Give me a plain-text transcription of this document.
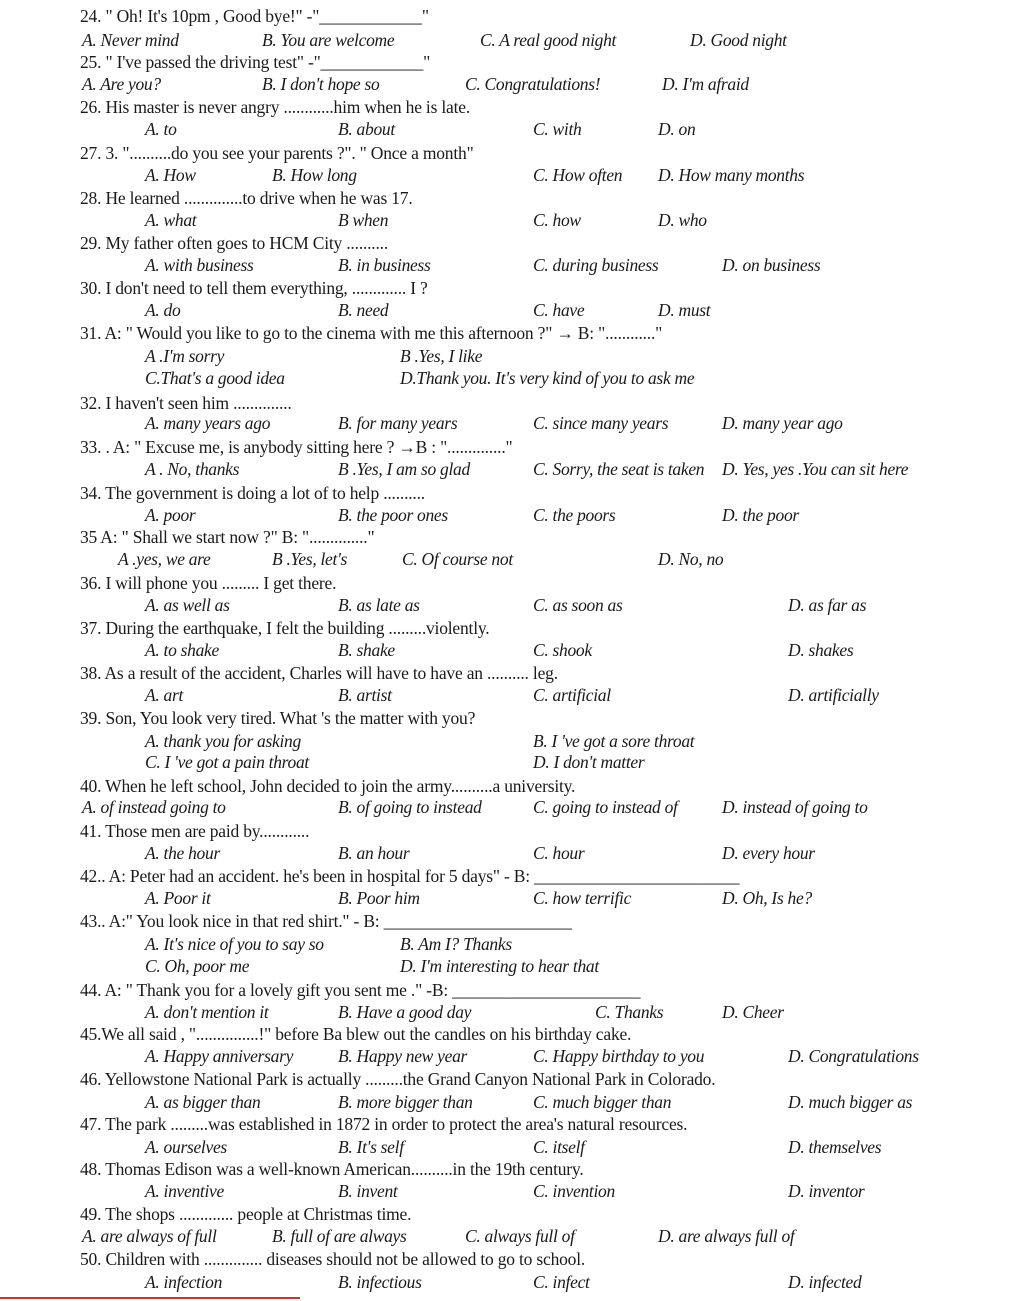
24. " Oh! It's 10pm , Good bye!" -"____________"
A. Never mind	B. You are welcome	C. A real good night	D. Good night
25. " I've passed the driving test" -"____________"
A. Are you?	B. I don't hope so	C. Congratulations!	D. I'm afraid
26. His master is never angry ............him when he is late.
A. to	B. about	C. with	D. on
27. 3. "..........do you see your parents ?". " Once a month"
A. How	B. How long	C. How often D. How many months
28. He learned ..............to drive when he was 17.
A. what	B when	C. how	D. who
29. My father often goes to HCM City ..........
A. with business	B. in business	C. during business	D. on business
30. I don't need to tell them everything, ............. I ?
A. do	B. need	C. have	D. must
31. A: " Would you like to go to the cinema with me this afternoon ?" → B: "............"
A .I'm sorry	B .Yes, I like
C.That's a good idea	D.Thank you. It's very kind of you to ask me
32. I haven't seen him ..............
A. many years ago	B. for many years	C. since many years	D. many year ago
33. . A: " Excuse me, is anybody sitting here ? →B : ".............."
A . No, thanks	B .Yes, I am so glad	C. Sorry, the seat is taken D. Yes, yes .You can sit here
34. The government is doing a lot of to help ..........
A. poor	B. the poor ones	C. the poors	D. the poor
35 A: " Shall we start now ?" B: ".............."
A .yes, we are	B .Yes, let's	C. Of course not	D. No, no
36. I will phone you ......... I get there.
A. as well as	B. as late as	C. as soon as	D. as far as
37. During the earthquake, I felt the building .........violently.
A. to shake	B. shake	C. shook	D. shakes
38. As a result of the accident, Charles will have to have an .......... leg.
A. art	B. artist	C. artificial	D. artificially
39. Son, You look very tired. What 's the matter with you?
A. thank you for asking	B. I 've got a sore throat
C. I 've got a pain throat	D. I don't matter
40. When he left school, John decided to join the army..........a university.
A. of instead going to	B. of going to instead	C. going to instead of	D. instead of going to
41. Those men are paid by............
A. the hour	B. an hour	C. hour	D. every hour
42.. A: Peter had an accident. he's been in hospital for 5 days" - B: ________________________
A. Poor it	B. Poor him	C. how terrific	D. Oh, Is he?
43.. A:" You look nice in that red shirt." - B: ______________________
A. It's nice of you to say so	B. Am I? Thanks
C. Oh, poor me	D. I'm interesting to hear that
44. A: " Thank you for a lovely gift you sent me ." -B: ______________________
A. don't mention it	B. Have a good day	C. Thanks	D. Cheer
45.We all said , "...............!" before Ba blew out the candles on his birthday cake.
A. Happy anniversary	B. Happy new year	C. Happy birthday to you	D. Congratulations
46. Yellowstone National Park is actually .........the Grand Canyon National Park in Colorado.
A. as bigger than	B. more bigger than	C. much bigger than	D. much bigger as
47. The park .........was established in 1872 in order to protect the area's natural resources.
A. ourselves	B. It's self	C. itself	D. themselves
48. Thomas Edison was a well-known American..........in the 19th century.
A. inventive	B. invent	C. invention	D. inventor
49. The shops ............. people at Christmas time.
A. are always of full	B. full of are always	C. always full of	D. are always full of
50. Children with .............. diseases should not be allowed to go to school.
A. infection	B. infectious	C. infect	D. infected
